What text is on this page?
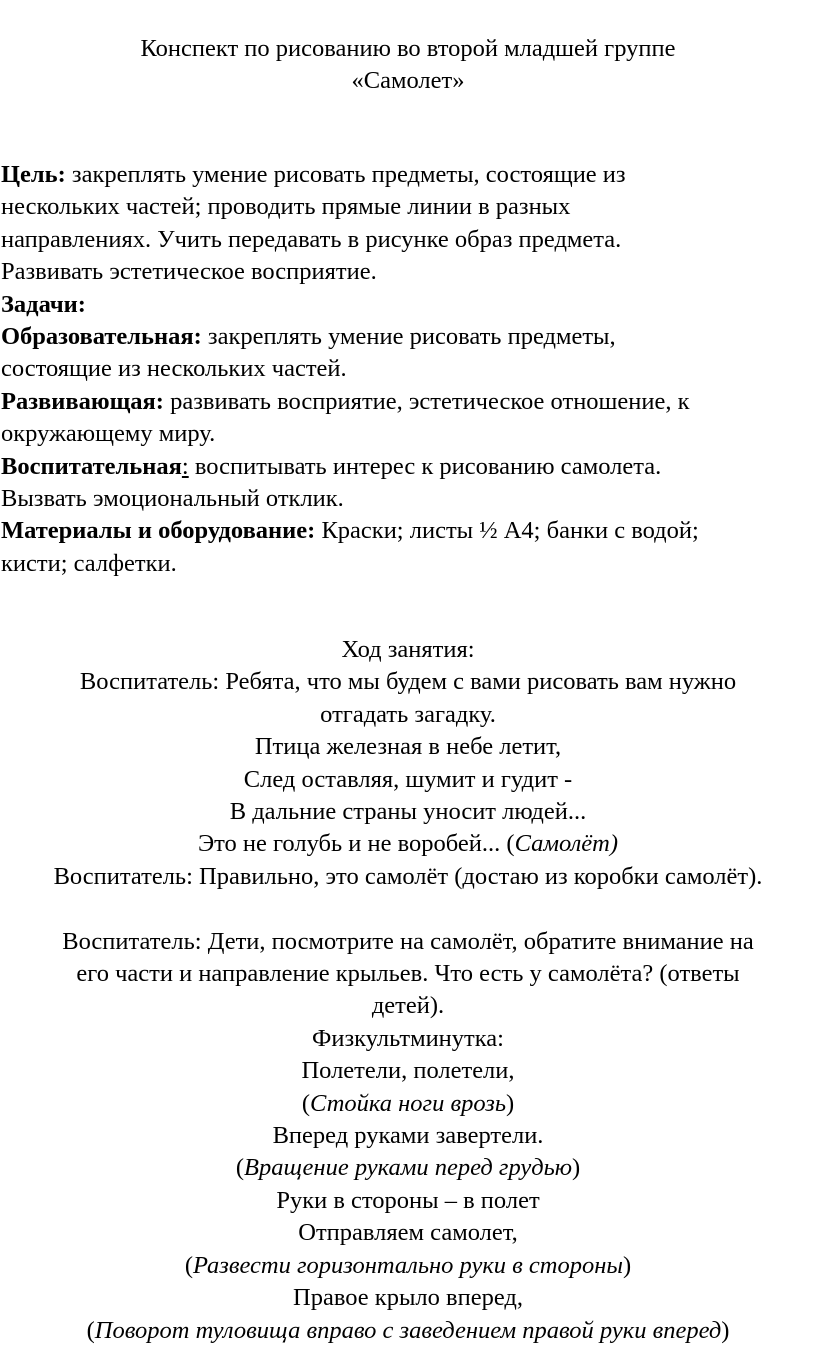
Конспект по рисованию во второй младшей группе
«Самолет»
Цель: закреплять умение рисовать предметы, состоящие из
нескольких частей; проводить прямые линии в разных
направлениях. Учить передавать в рисунке образ предмета.
Развивать эстетическое восприятие.
Задачи:
Образовательная: закреплять умение рисовать предметы,
состоящие из нескольких частей.
Развивающая: развивать восприятие, эстетическое отношение, к
окружающему миру.
Воспитательная: воспитывать интерес к рисованию самолета.
Вызвать эмоциональный отклик.
Материалы и оборудование: Краски; листы ½ А4; банки с водой;
кисти; салфетки.
Ход занятия:
Воспитатель: Ребята, что мы будем с вами рисовать вам нужно
отгадать загадку.
Птица железная в небе летит,
След оставляя, шумит и гудит -
В дальние страны уносит людей...
Это не голубь и не воробей... (Самолёт)
Воспитатель: Правильно, это самолёт (достаю из коробки самолёт).
Воспитатель: Дети, посмотрите на самолёт, обратите внимание на
его части и направление крыльев. Что есть у самолёта? (ответы
детей).
Физкультминутка:
Полетели, полетели,
(Стойка ноги врозь)
Вперед руками завертели.
(Вращение руками перед грудью)
Руки в стороны – в полет
Отправляем самолет,
(Развести горизонтально руки в стороны)
Правое крыло вперед,
(Поворот туловища вправо с заведением правой руки вперед)
